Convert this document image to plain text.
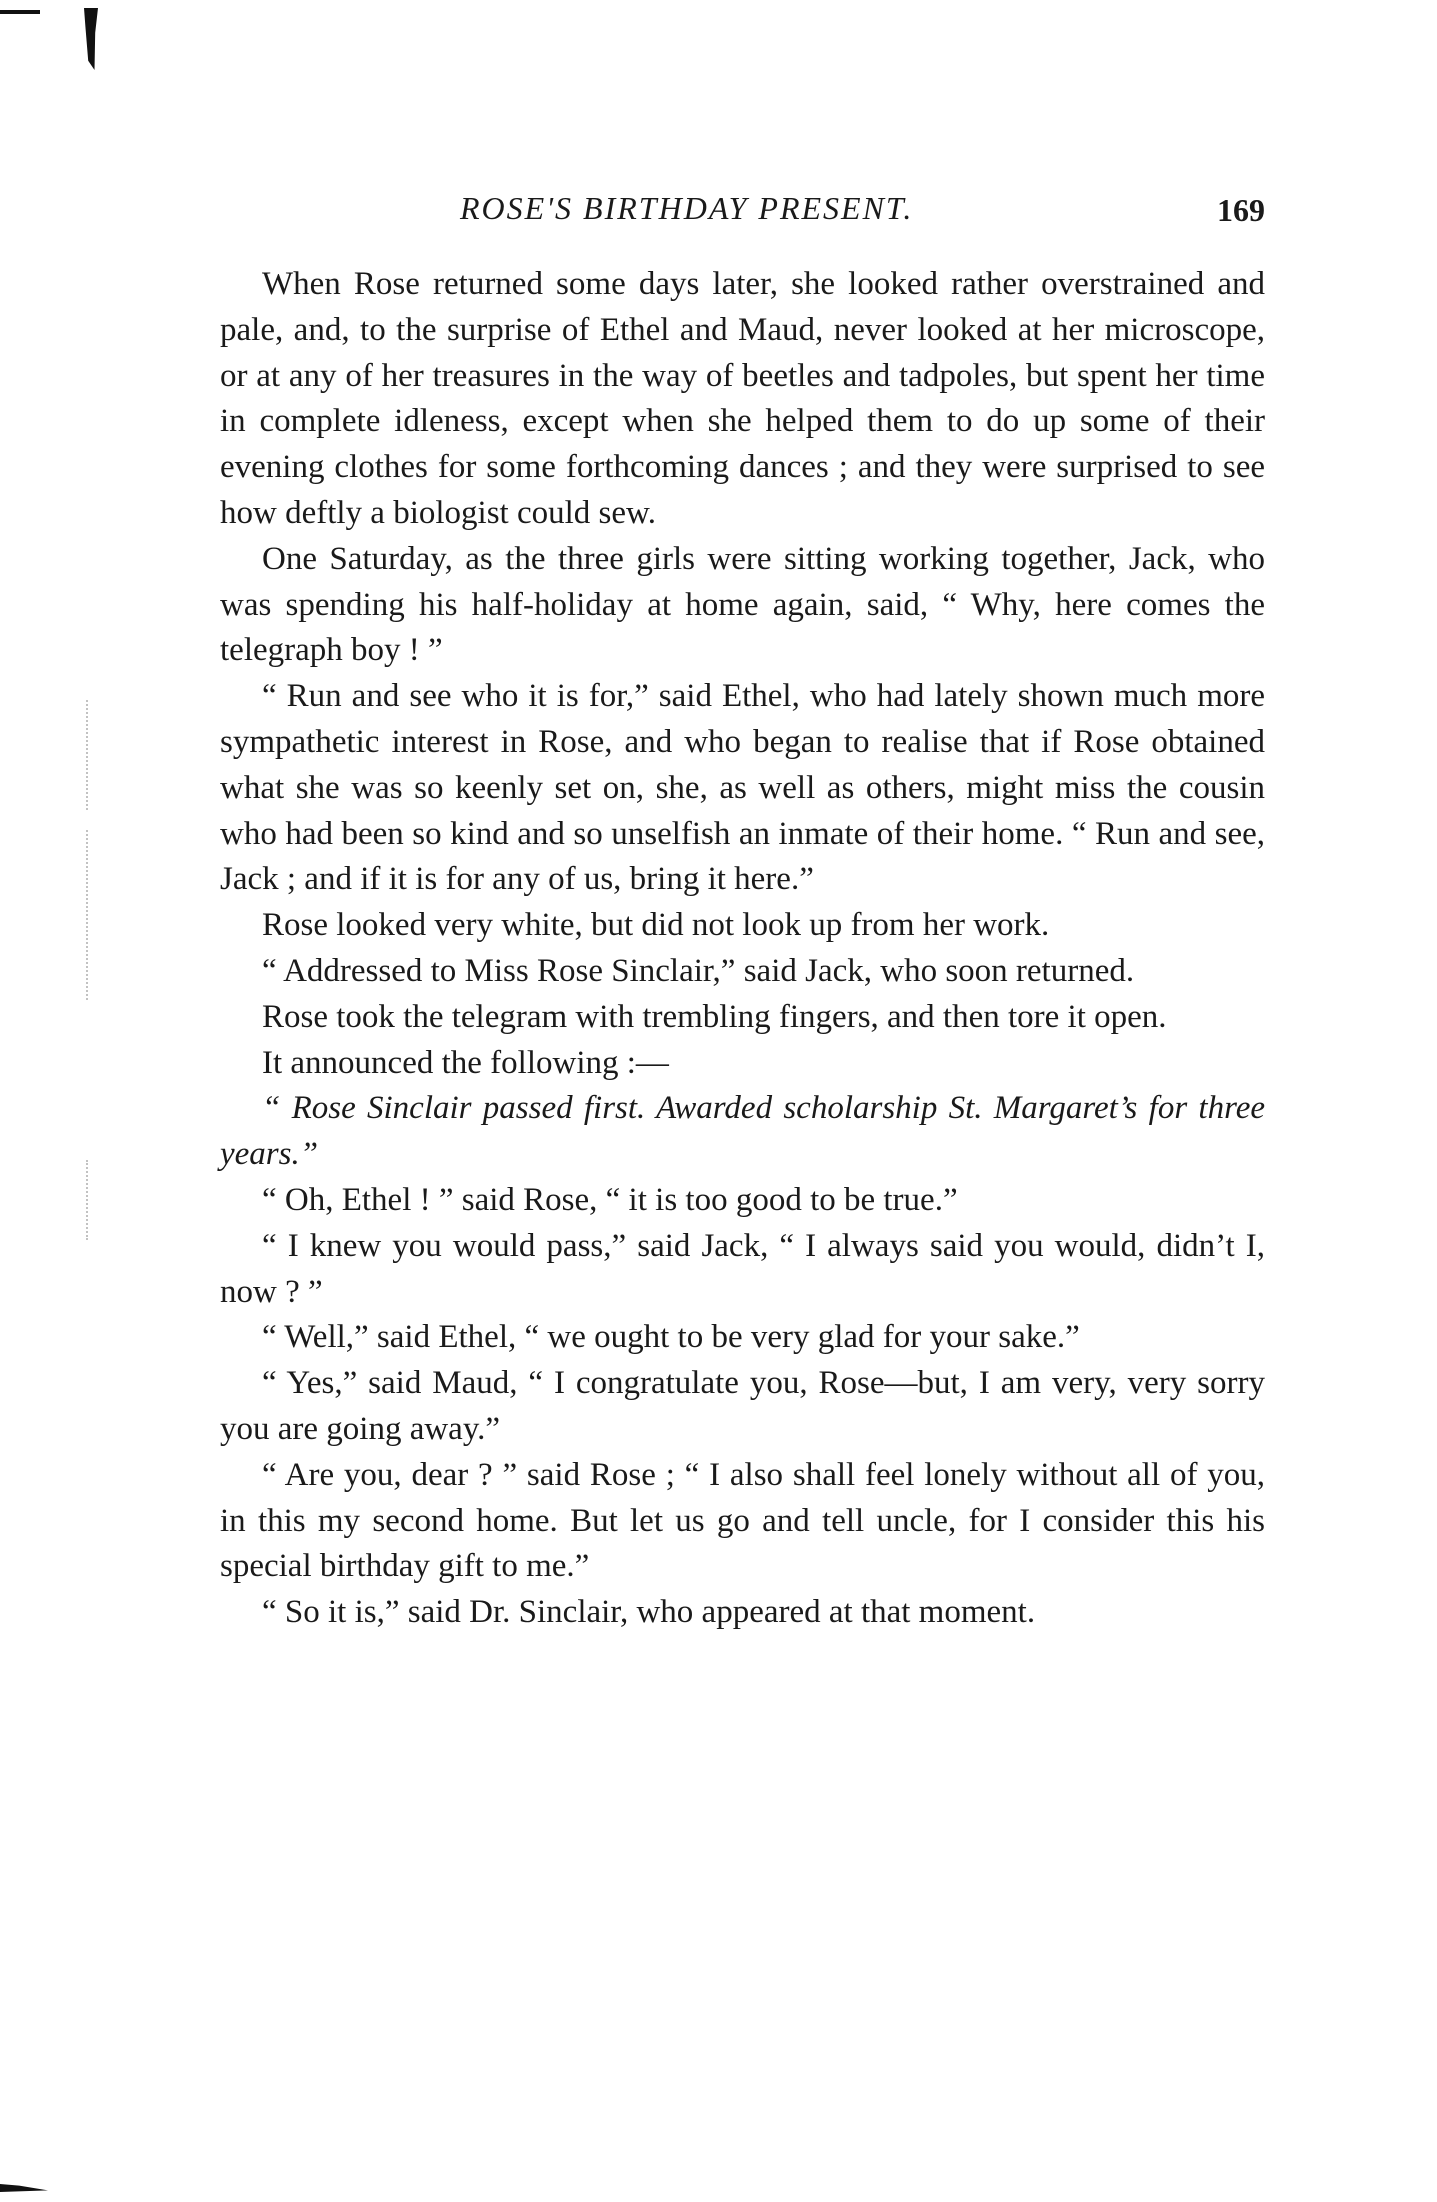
ROSE'S BIRTHDAY PRESENT.	169

When Rose returned some days later, she looked rather overstrained and pale, and, to the surprise of Ethel and Maud, never looked at her microscope, or at any of her treasures in the way of beetles and tadpoles, but spent her time in complete idleness, except when she helped them to do up some of their evening clothes for some forthcoming dances ; and they were surprised to see how deftly a biologist could sew.

One Saturday, as the three girls were sitting working together, Jack, who was spending his half-holiday at home again, said, “ Why, here comes the telegraph boy ! ”

“ Run and see who it is for,” said Ethel, who had lately shown much more sympathetic interest in Rose, and who began to realise that if Rose obtained what she was so keenly set on, she, as well as others, might miss the cousin who had been so kind and so unselfish an inmate of their home. “ Run and see, Jack ; and if it is for any of us, bring it here.”

Rose looked very white, but did not look up from her work.

“ Addressed to Miss Rose Sinclair,” said Jack, who soon returned.

Rose took the telegram with trembling fingers, and then tore it open.

It announced the following :—

“ Rose Sinclair passed first. Awarded scholarship St. Margaret’s for three years.”

“ Oh, Ethel ! ” said Rose, “ it is too good to be true.”

“ I knew you would pass,” said Jack, “ I always said you would, didn’t I, now ? ”

“ Well,” said Ethel, “ we ought to be very glad for your sake.”

“ Yes,” said Maud, “ I congratulate you, Rose—but, I am very, very sorry you are going away.”

“ Are you, dear ? ” said Rose ; “ I also shall feel lonely without all of you, in this my second home. But let us go and tell uncle, for I consider this his special birthday gift to me.”

“ So it is,” said Dr. Sinclair, who appeared at that moment.
